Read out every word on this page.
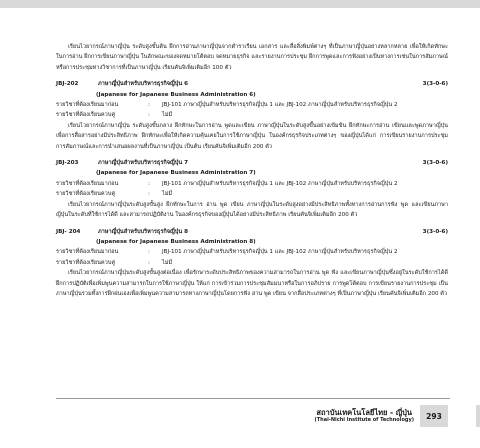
เรียนไวยากรณ์ภาษาญี่ปุ่น ระดับสูงขั้นต้น ฝึกการอ่านภาษาญี่ปุ่นจากตำราเรียน เอกสาร และสื่อสิ่งพิมพ์ต่างๆ ที่เป็นภาษาญี่ปุ่นอย่างหลากหลาย เพื่อให้เกิดทักษะในการอ่าน ฝึกการเขียนภาษาญี่ปุ่น ในลักษณะของจดหมายโต้ตอบ จดหมายธุรกิจ และรายงานการประชุม ฝึกการพูดและการฟังอย่างเป็นทางการเช่นในการสัมภาษณ์หรือการประชุมทางวิชาการที่เป็นภาษาญี่ปุ่น เรียนคันจิเพิ่มเติมอีก 100 ตัว

JBJ-202	ภาษาญี่ปุ่นสำหรับบริหารธุรกิจญี่ปุ่น 6	3(3-0-6)
(Japanese for Japanese Business Administration 6)
รายวิชาที่ต้องเรียนมาก่อน	:	JBJ-101 ภาษาญี่ปุ่นสำหรับบริหารธุรกิจญี่ปุ่น 1 และ JBJ-102 ภาษาญี่ปุ่นสำหรับบริหารธุรกิจญี่ปุ่น 2
รายวิชาที่ต้องเรียนควบคู่	:	ไม่มี

เรียนไวยากรณ์ภาษาญี่ปุ่น ระดับสูงขั้นกลาง ฝึกทักษะในการอ่าน พูดและเขียน ภาษาญี่ปุ่นในระดับสูงขึ้นอย่างเข้มข้น ฝึกทักษะการอ่าน เขียนและพูดภาษาญี่ปุ่นเพื่อการสื่อสารอย่างมีประสิทธิภาพ ฝึกทักษะเพื่อให้เกิดความคุ้นเคยในการใช้ภาษาญี่ปุ่น ในองค์กรธุรกิจประเภทต่างๆ ของญี่ปุ่นได้แก่ การเขียนรายงานการประชุม การสัมภาษณ์และการนำเสนอผลงานที่เป็นภาษาญี่ปุ่น เป็นต้น เรียนคันจิเพิ่มเติมอีก 200 ตัว

JBJ-203	ภาษาญี่ปุ่นสำหรับบริหารธุรกิจญี่ปุ่น 7	3(3-0-6)
(Japanese for Japanese Business Administration 7)
รายวิชาที่ต้องเรียนมาก่อน	:	JBJ-101 ภาษาญี่ปุ่นสำหรับบริหารธุรกิจญี่ปุ่น 1 และ JBJ-102 ภาษาญี่ปุ่นสำหรับบริหารธุรกิจญี่ปุ่น 2
รายวิชาที่ต้องเรียนควบคู่	:	ไม่มี

เรียนไวยากรณ์ภาษาญี่ปุ่นระดับสูงขั้นสูง ฝึกทักษะในการ อ่าน พูด เขียน ภาษาญี่ปุ่นในระดับสูงอย่างมีประสิทธิภาพทั้งทางการอ่านการฟัง พูด และเขียนภาษาญี่ปุ่นในระดับที่ใช้การได้ดี และสามารถปฏิบัติงาน ในองค์กรธุรกิจของญี่ปุ่นได้อย่างมีประสิทธิภาพ เรียนคันจิเพิ่มเติมอีก 200 ตัว

JBJ- 204	ภาษาญี่ปุ่นสำหรับบริหารธุรกิจญี่ปุ่น 8	3(3-0-6)
(Japanese for Japanese Business Administration 8)
รายวิชาที่ต้องเรียนมาก่อน	:	JBJ-101 ภาษาญี่ปุ่นสำหรับบริหารธุรกิจญี่ปุ่น 1 และ JBJ-102 ภาษาญี่ปุ่นสำหรับบริหารธุรกิจญี่ปุ่น 2
รายวิชาที่ต้องเรียนควบคู่	:	ไม่มี

เรียนไวยากรณ์ภาษาญี่ปุ่นระดับสูงขั้นสูงต่อเนื่อง เพื่อรักษาระดับประสิทธิภาพของความสามารถในการอ่าน พูด ฟัง และเขียนภาษาญี่ปุ่นซึ่งอยู่ในระดับใช้การได้ดี ฝึกการปฏิบัติเพื่อเพิ่มพูนความสามารถในการใช้ภาษาญี่ปุ่น ให้แก่ การเข้าร่วมการประชุมสัมมนาหรือในการอภิปราย การพูดโต้ตอบ การเขียนรายงานการประชุม เป็นภาษาญี่ปุ่นรวมทั้งการฝึกฝนเองเพื่อเพิ่มพูนความสามารถทางภาษาญี่ปุ่นโดยการฟัง อ่าน พูด เขียน จากสื่อประเภทต่างๆ ที่เป็นภาษาญี่ปุ่น เรียนคันจิเพิ่มเติมอีก 200 ตัว

สถาบันเทคโนโลยีไทย - ญี่ปุ่น
(Thai-Nichi Institute of Technology)	293
